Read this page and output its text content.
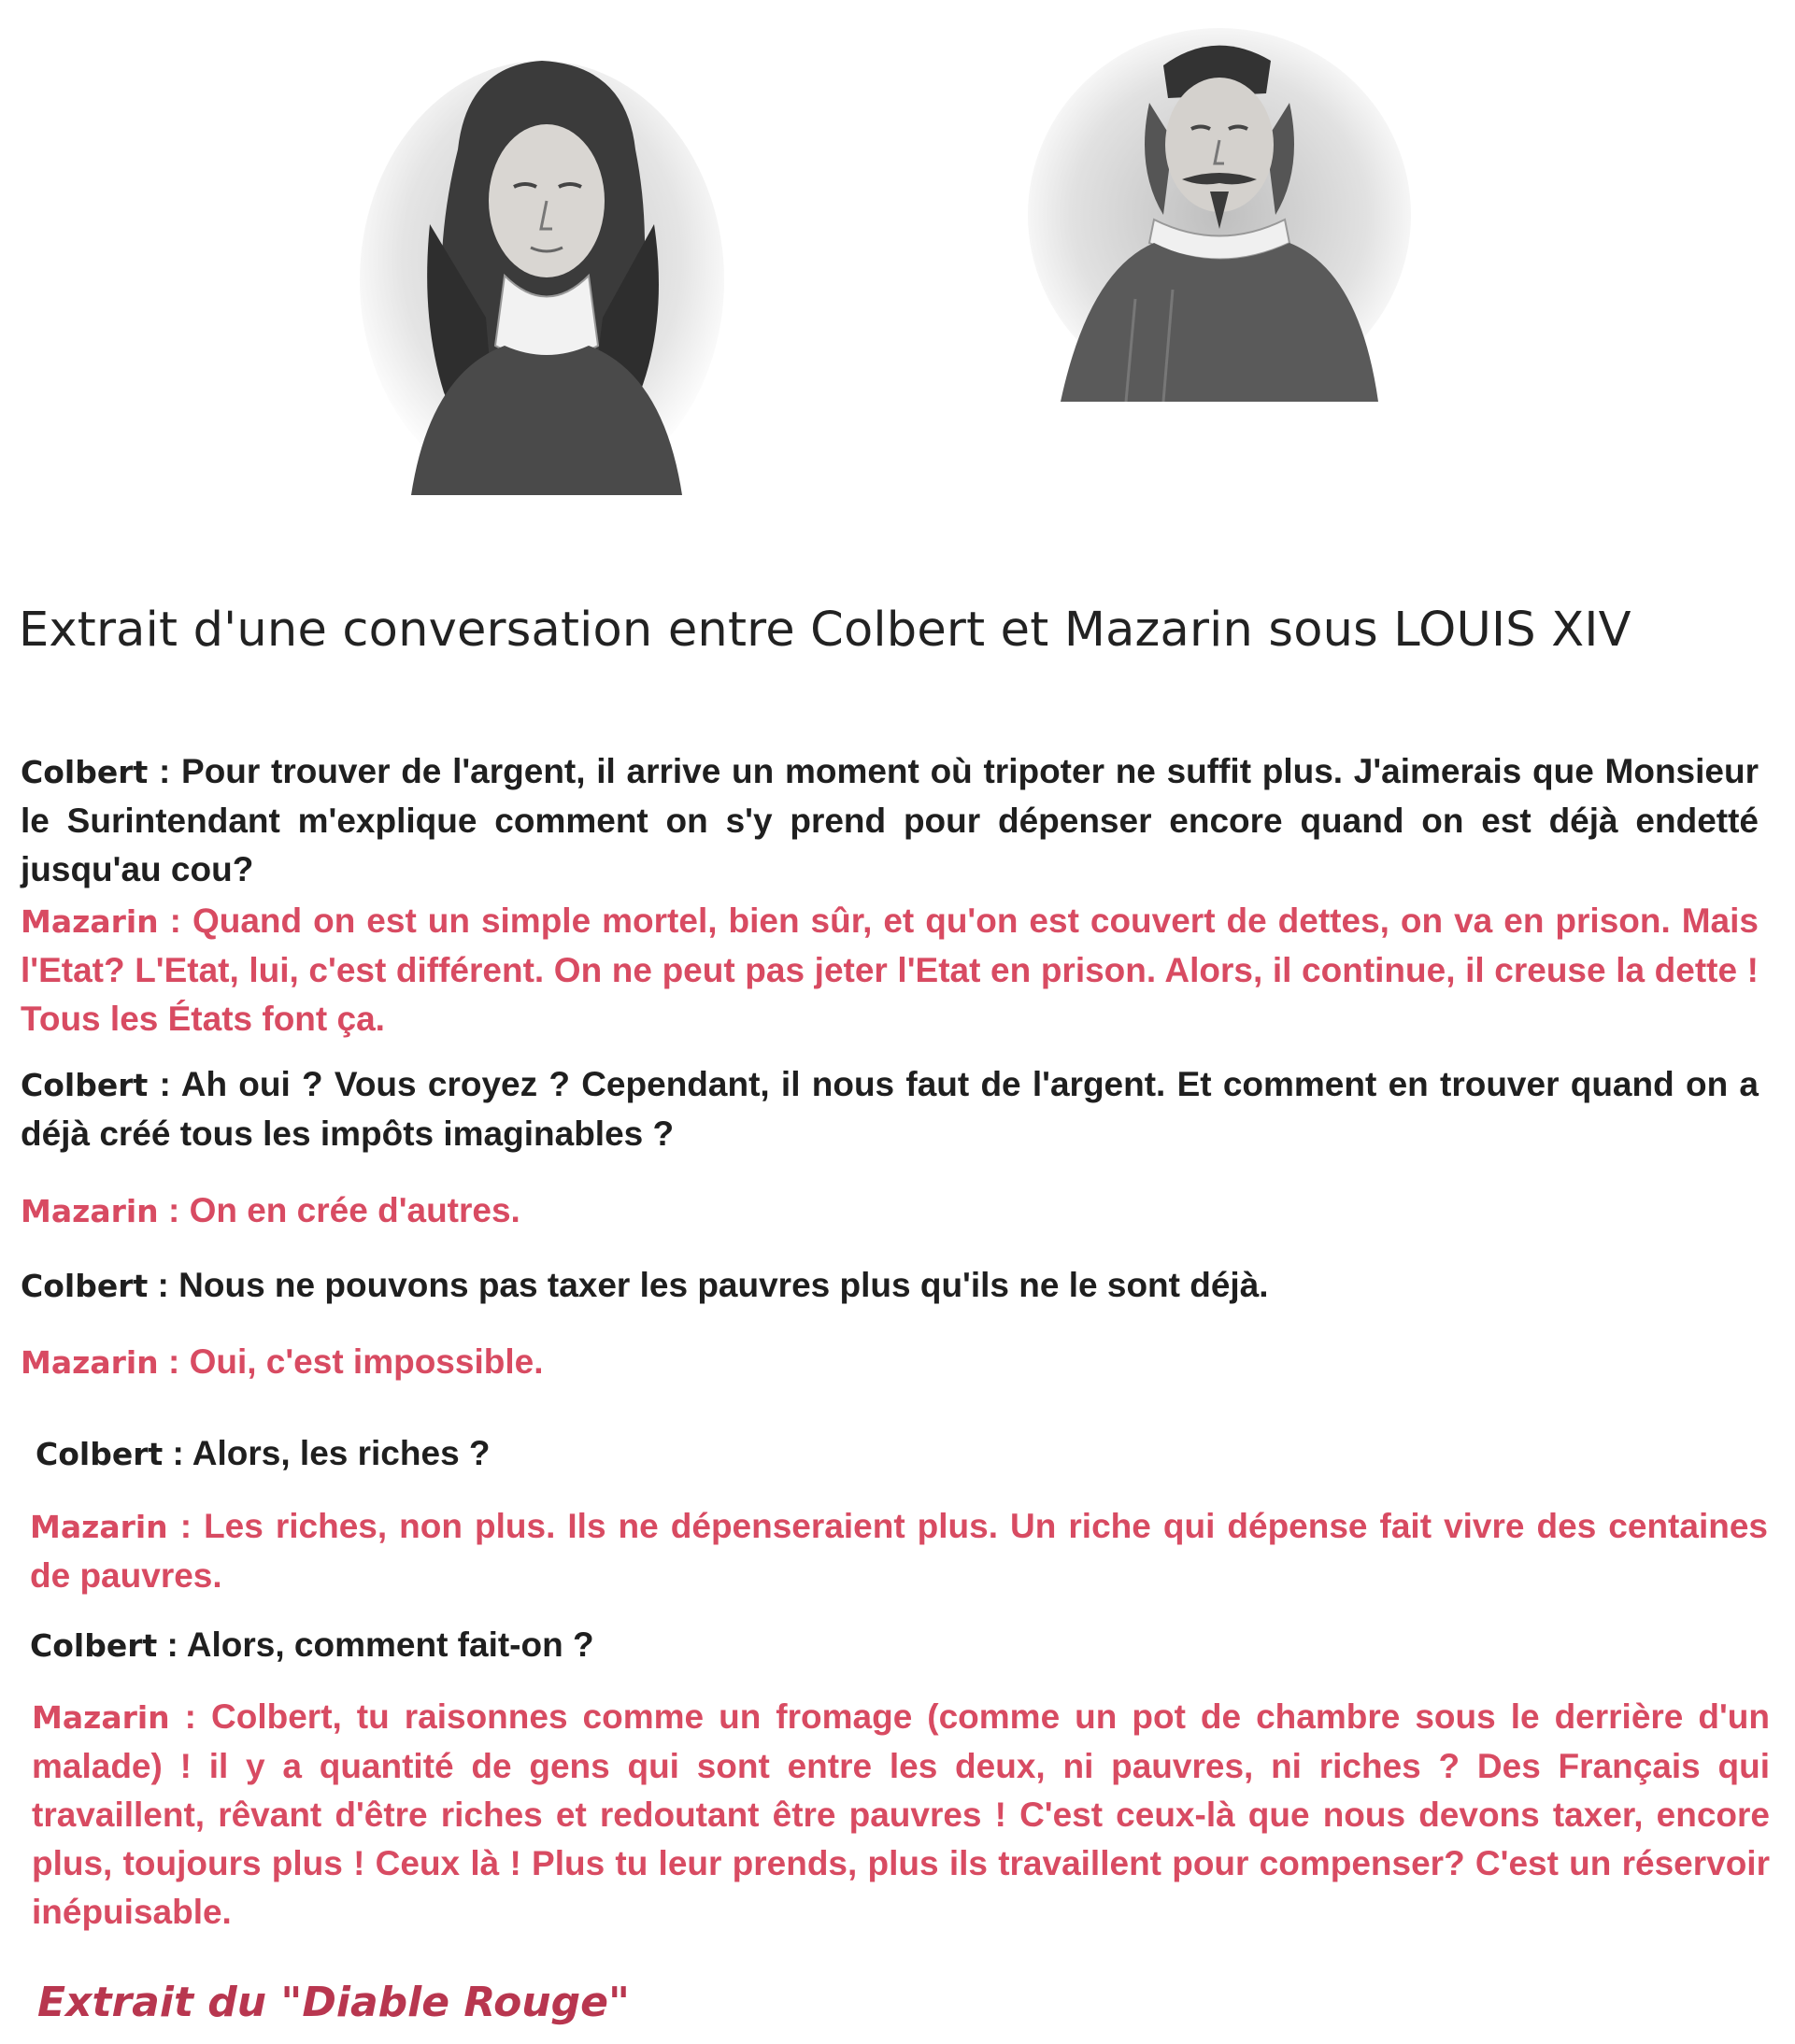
Extrait d'une conversation entre Colbert et Mazarin sous LOUIS XIV
Colbert : Pour trouver de l'argent, il arrive un moment où tripoter ne suffit plus. J'aimerais que Monsieur le Surintendant m'explique comment on s'y prend pour dépenser encore quand on est déjà endetté jusqu'au cou?
Mazarin : Quand on est un simple mortel, bien sûr, et qu'on est couvert de dettes, on va en prison. Mais l'Etat? L'Etat, lui, c'est différent. On ne peut pas jeter l'Etat en prison. Alors, il continue, il creuse la dette ! Tous les États font ça.
Colbert : Ah oui ? Vous croyez ? Cependant, il nous faut de l'argent. Et comment en trouver quand on a déjà créé tous les impôts imaginables ?
Mazarin : On en crée d'autres.
Colbert : Nous ne pouvons pas taxer les pauvres plus qu'ils ne le sont déjà.
Mazarin : Oui, c'est impossible.
Colbert : Alors, les riches ?
Mazarin : Les riches, non plus. Ils ne dépenseraient plus. Un riche qui dépense fait vivre des centaines de pauvres.
Colbert : Alors, comment fait-on ?
Mazarin : Colbert, tu raisonnes comme un fromage (comme un pot de chambre sous le derrière d'un malade) ! il y a quantité de gens qui sont entre les deux, ni pauvres, ni riches ? Des Français qui travaillent, rêvant d'être riches et redoutant être pauvres ! C'est ceux-là que nous devons taxer, encore plus, toujours plus ! Ceux là ! Plus tu leur prends, plus ils travaillent pour compenser? C'est un réservoir inépuisable.
Extrait du "Diable Rouge"
